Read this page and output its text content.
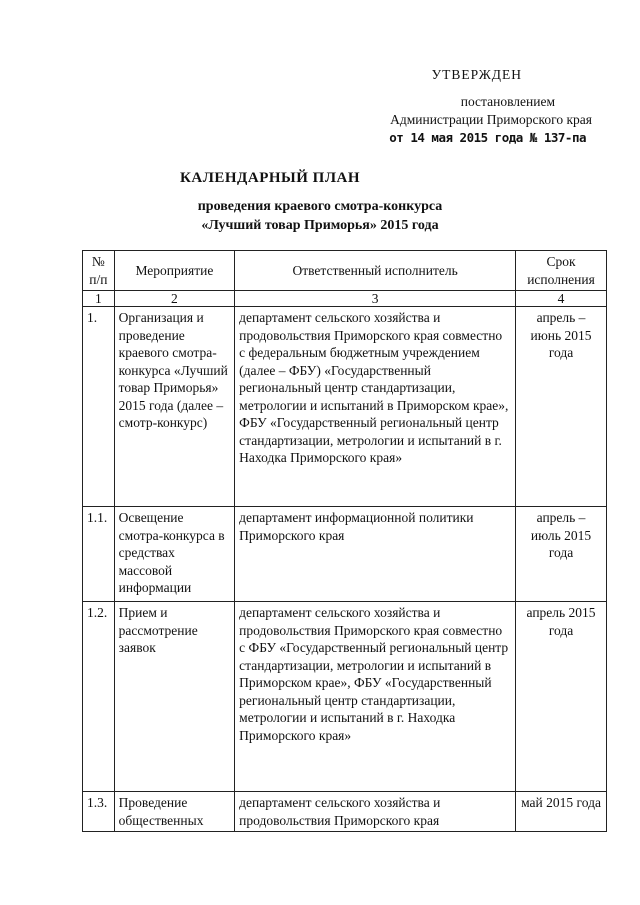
УТВЕРЖДЕН
постановлением
Администрации Приморского края
от 14 мая 2015 года № 137-па
КАЛЕНДАРНЫЙ ПЛАН
проведения краевого смотра-конкурса
«Лучший товар Приморья» 2015 года
№ п/п	Мероприятие	Ответственный исполнитель	Срок исполнения
1	2	3	4
1.	Организация и проведение краевого смотра-конкурса «Лучший товар Приморья» 2015 года (далее – смотр-конкурс)	департамент сельского хозяйства и продовольствия Приморского края совместно с федеральным бюджетным учреждением (далее – ФБУ) «Государственный региональный центр стандартизации, метрологии и испытаний в Приморском крае», ФБУ «Государственный региональный центр стандартизации, метрологии и испытаний в г. Находка Приморского края»	апрель – июнь 2015 года
1.1.	Освещение смотра-конкурса в средствах массовой информации	департамент информационной политики Приморского края	апрель – июль 2015 года
1.2.	Прием и рассмотрение заявок	департамент сельского хозяйства и продовольствия Приморского края совместно с ФБУ «Государственный региональный центр стандартизации, метрологии и испытаний в Приморском крае», ФБУ «Государственный региональный центр стандартизации, метрологии и испытаний в г. Находка Приморского края»	апрель 2015 года
1.3.	Проведение общественных	департамент сельского хозяйства и продовольствия Приморского края	май 2015 года
